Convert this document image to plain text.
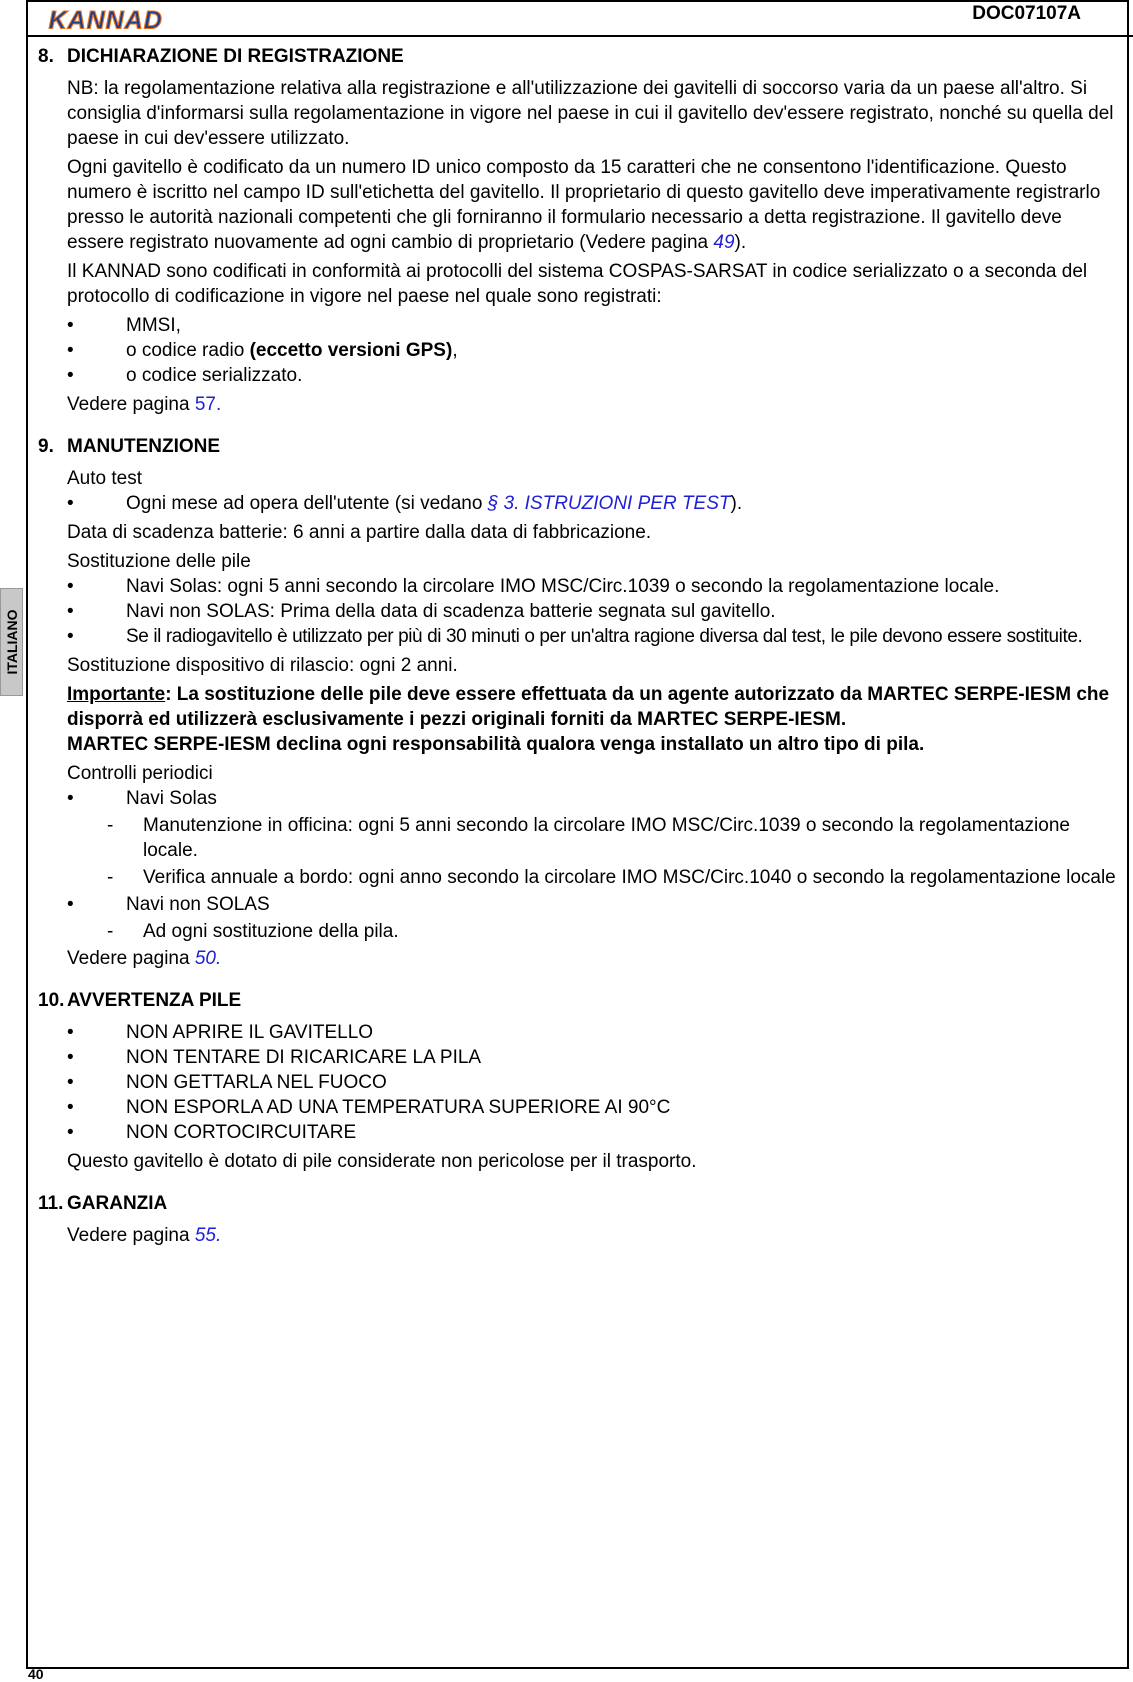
KANNAD	DOC07107A
ITALIANO
40
8. DICHIARAZIONE DI REGISTRAZIONE

NB: la regolamentazione relativa alla registrazione e all'utilizzazione dei gavitelli di soccorso varia da un paese all'altro. Si consiglia d'informarsi sulla regolamentazione in vigore nel paese in cui il gavitello dev'essere registrato, nonché su quella del paese in cui dev'essere utilizzato.

Ogni gavitello è codificato da un numero ID unico composto da 15 caratteri che ne consentono l'identificazione. Questo numero è iscritto nel campo ID sull'etichetta del gavitello. Il proprietario di questo gavitello deve imperativamente registrarlo presso le autorità nazionali competenti che gli forniranno il formulario necessario a detta registrazione. Il gavitello deve essere registrato nuovamente ad ogni cambio di proprietario (Vedere pagina 49).

Il KANNAD sono codificati in conformità ai protocolli del sistema COSPAS-SARSAT in codice serializzato o a seconda del protocollo di codificazione in vigore nel paese nel quale sono registrati:

•	MMSI,
•	o codice radio (eccetto versioni GPS),
•	o codice serializzato.

Vedere pagina 57.

9. MANUTENZIONE

Auto test

•	Ogni mese ad opera dell'utente (si vedano § 3. ISTRUZIONI PER TEST).

Data di scadenza batterie: 6 anni a partire dalla data di fabbricazione.

Sostituzione delle pile

•	Navi Solas: ogni 5 anni secondo la circolare IMO MSC/Circ.1039 o secondo la regolamentazione locale.
•	Navi non SOLAS: Prima della data di scadenza batterie segnata sul gavitello.
•	Se il radiogavitello è utilizzato per più di 30 minuti o per un'altra ragione diversa dal test, le pile devono essere sostituite.

Sostituzione dispositivo di rilascio: ogni 2 anni.

Importante: La sostituzione delle pile deve essere effettuata da un agente autorizzato da MARTEC SERPE-IESM che disporrà ed utilizzerà esclusivamente i pezzi originali forniti da MARTEC SERPE-IESM.

MARTEC SERPE-IESM declina ogni responsabilità qualora venga installato un altro tipo di pila.

Controlli periodici

•	Navi Solas
-	Manutenzione in officina: ogni 5 anni secondo la circolare IMO MSC/Circ.1039 o secondo la regolamentazione locale.
-	Verifica annuale a bordo: ogni anno secondo la circolare IMO MSC/Circ.1040 o secondo la regolamentazione locale
•	Navi non SOLAS
-	Ad ogni sostituzione della pila.

Vedere pagina 50.

10. AVVERTENZA PILE
•	NON APRIRE IL GAVITELLO
•	NON TENTARE DI RICARICARE LA PILA
•	NON GETTARLA NEL FUOCO
•	NON ESPORLA AD UNA TEMPERATURA SUPERIORE AI 90°C
•	NON CORTOCIRCUITARE

Questo gavitello è dotato di pile considerate non pericolose per il trasporto.

11. GARANZIA

Vedere pagina 55.
